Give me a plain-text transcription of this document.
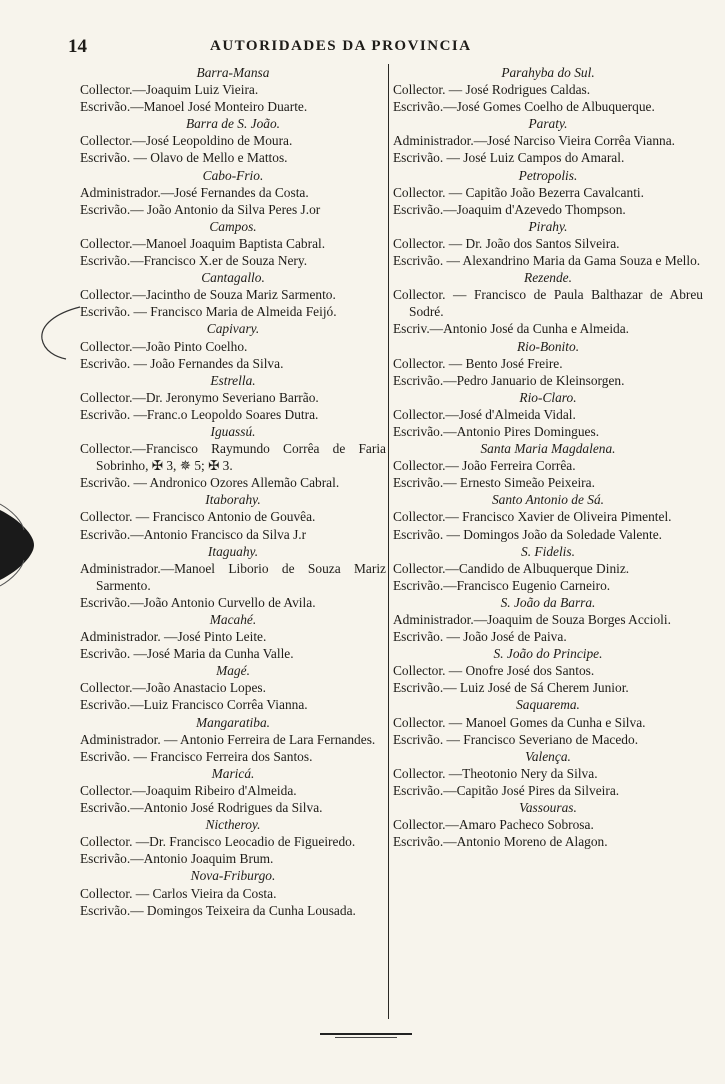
14	AUTORIDADES DA PROVINCIA
Barra-Mansa
Collector.—Joaquim Luiz Vieira.
Escrivão.—Manoel José Monteiro Duarte.
Barra de S. João.
Collector.—José Leopoldino de Moura.
Escrivão. — Olavo de Mello e Mattos.
Cabo-Frio.
Administrador.—José Fernandes da Costa.
Escrivão.— João Antonio da Silva Peres J.or
Campos.
Collector.—Manoel Joaquim Baptista Cabral.
Escrivão.—Francisco X.er de Souza Nery.
Cantagallo.
Collector.—Jacintho de Souza Mariz Sarmento.
Escrivão. — Francisco Maria de Almeida Feijó.
Capivary.
Collector.—João Pinto Coelho.
Escrivão. — João Fernandes da Silva.
Estrella.
Collector.—Dr. Jeronymo Severiano Barrão.
Escrivão. —Franc.o Leopoldo Soares Dutra.
Iguassú.
Collector.—Francisco Raymundo Corrêa de Faria Sobrinho, ✠ 3, ✵ 5; ✠ 3.
Escrivão. — Andronico Ozores Allemão Cabral.
Itaborahy.
Collector. — Francisco Antonio de Gouvêa.
Escrivão.—Antonio Francisco da Silva J.r
Itaguahy.
Administrador.—Manoel Liborio de Souza Mariz Sarmento.
Escrivão.—João Antonio Curvello de Avila.
Macahé.
Administrador. —José Pinto Leite.
Escrivão. —José Maria da Cunha Valle.
Magé.
Collector.—João Anastacio Lopes.
Escrivão.—Luiz Francisco Corrêa Vianna.
Mangaratiba.
Administrador. — Antonio Ferreira de Lara Fernandes.
Escrivão. — Francisco Ferreira dos Santos.
Maricá.
Collector.—Joaquim Ribeiro d'Almeida.
Escrivão.—Antonio José Rodrigues da Silva.
Nictheroy.
Collector. —Dr. Francisco Leocadio de Figueiredo.
Escrivão.—Antonio Joaquim Brum.
Nova-Friburgo.
Collector. — Carlos Vieira da Costa.
Escrivão.— Domingos Teixeira da Cunha Lousada.
Parahyba do Sul.
Collector. — José Rodrigues Caldas.
Escrivão.—José Gomes Coelho de Albuquerque.
Paraty.
Administrador.—José Narciso Vieira Corrêa Vianna.
Escrivão. — José Luiz Campos do Amaral.
Petropolis.
Collector. — Capitão João Bezerra Cavalcanti.
Escrivão.—Joaquim d'Azevedo Thompson.
Pirahy.
Collector. — Dr. João dos Santos Silveira.
Escrivão. — Alexandrino Maria da Gama Souza e Mello.
Rezende.
Collector. — Francisco de Paula Balthazar de Abreu Sodré.
Escriv.—Antonio José da Cunha e Almeida.
Rio-Bonito.
Collector. — Bento José Freire.
Escrivão.—Pedro Januario de Kleinsorgen.
Rio-Claro.
Collector.—José d'Almeida Vidal.
Escrivão.—Antonio Pires Domingues.
Santa Maria Magdalena.
Collector.— João Ferreira Corrêa.
Escrivão.— Ernesto Simeão Peixeira.
Santo Antonio de Sá.
Collector.— Francisco Xavier de Oliveira Pimentel.
Escrivão. — Domingos João da Soledade Valente.
S. Fidelis.
Collector.—Candido de Albuquerque Diniz.
Escrivão.—Francisco Eugenio Carneiro.
S. João da Barra.
Administrador.—Joaquim de Souza Borges Accioli.
Escrivão. — João José de Paiva.
S. João do Principe.
Collector. — Onofre José dos Santos.
Escrivão.— Luiz José de Sá Cherem Junior.
Saquarema.
Collector. — Manoel Gomes da Cunha e Silva.
Escrivão. — Francisco Severiano de Macedo.
Valença.
Collector. —Theotonio Nery da Silva.
Escrivão.—Capitão José Pires da Silveira.
Vassouras.
Collector.—Amaro Pacheco Sobrosa.
Escrivão.—Antonio Moreno de Alagon.
